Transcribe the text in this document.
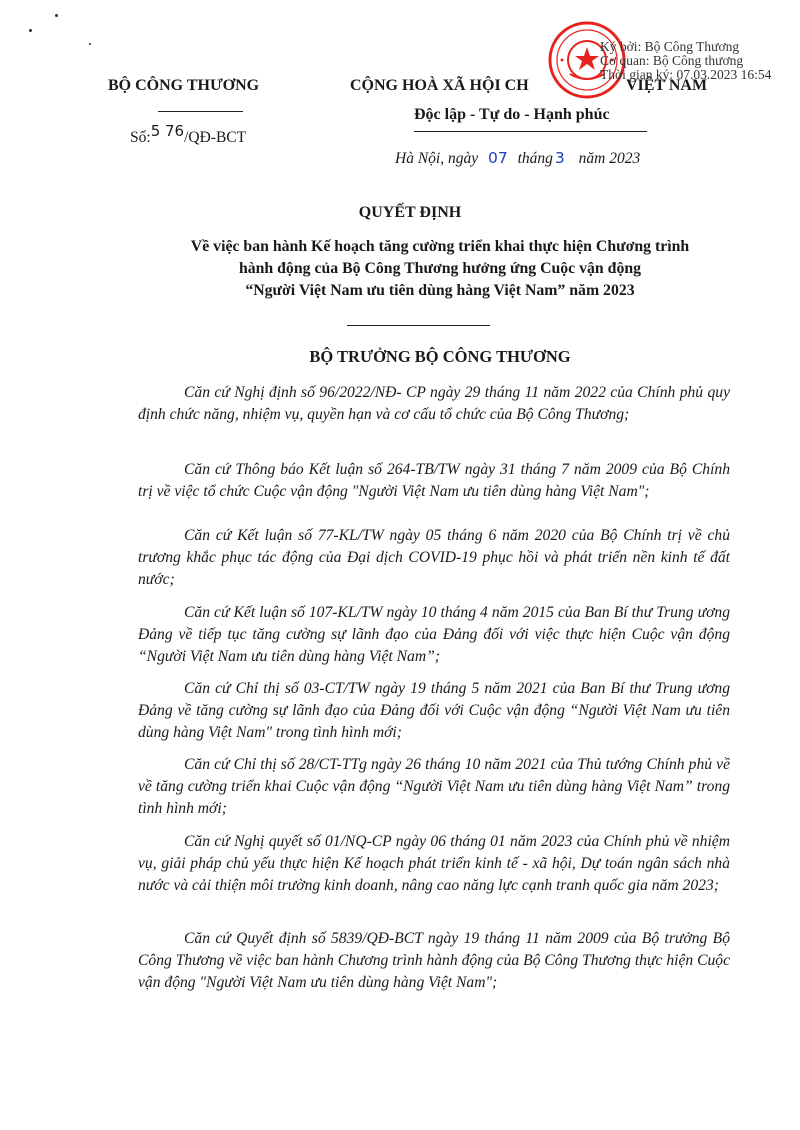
BỘ CÔNG THƯƠNG
Số:5 76/QĐ-BCT
CỘNG HOÀ XÃ HỘI CH	VIỆT NAM
Độc lập - Tự do - Hạnh phúc
Hà Nội, ngày 07 tháng 3 năm 2023
Ký bởi: Bộ Công Thương
Cơ quan: Bộ Công thương
Thời gian ký: 07.03.2023 16:54
QUYẾT ĐỊNH
Về việc ban hành Kế hoạch tăng cường triển khai thực hiện Chương trình
hành động của Bộ Công Thương hưởng ứng Cuộc vận động
“Người Việt Nam ưu tiên dùng hàng Việt Nam” năm 2023
BỘ TRƯỞNG BỘ CÔNG THƯƠNG
Căn cứ Nghị định số 96/2022/NĐ- CP ngày 29 tháng 11 năm 2022 của Chính phủ quy định chức năng, nhiệm vụ, quyền hạn và cơ cấu tổ chức của Bộ Công Thương;
Căn cứ Thông báo Kết luận số 264-TB/TW ngày 31 tháng 7 năm 2009 của Bộ Chính trị về việc tổ chức Cuộc vận động "Người Việt Nam ưu tiên dùng hàng Việt Nam";
Căn cứ Kết luận số 77-KL/TW ngày 05 tháng 6 năm 2020 của Bộ Chính trị về chủ trương khắc phục tác động của Đại dịch COVID-19 phục hồi và phát triển nền kinh tế đất nước;
Căn cứ Kết luận số 107-KL/TW ngày 10 tháng 4 năm 2015 của Ban Bí thư Trung ương Đảng về tiếp tục tăng cường sự lãnh đạo của Đảng đối với việc thực hiện Cuộc vận động “Người Việt Nam ưu tiên dùng hàng Việt Nam”;
Căn cứ Chỉ thị số 03-CT/TW ngày 19 tháng 5 năm 2021 của Ban Bí thư Trung ương Đảng về tăng cường sự lãnh đạo của Đảng đối với Cuộc vận động “Người Việt Nam ưu tiên dùng hàng Việt Nam" trong tình hình mới;
Căn cứ Chỉ thị số 28/CT-TTg ngày 26 tháng 10 năm 2021 của Thủ tướng Chính phủ về về tăng cường triển khai Cuộc vận động “Người Việt Nam ưu tiên dùng hàng Việt Nam” trong tình hình mới;
Căn cứ Nghị quyết số 01/NQ-CP ngày 06 tháng 01 năm 2023 của Chính phủ về nhiệm vụ, giải pháp chủ yếu thực hiện Kế hoạch phát triển kinh tế - xã hội, Dự toán ngân sách nhà nước và cải thiện môi trường kinh doanh, nâng cao năng lực cạnh tranh quốc gia năm 2023;
Căn cứ Quyết định số 5839/QĐ-BCT ngày 19 tháng 11 năm 2009 của Bộ trưởng Bộ Công Thương về việc ban hành Chương trình hành động của Bộ Công Thương thực hiện Cuộc vận động "Người Việt Nam ưu tiên dùng hàng Việt Nam";
